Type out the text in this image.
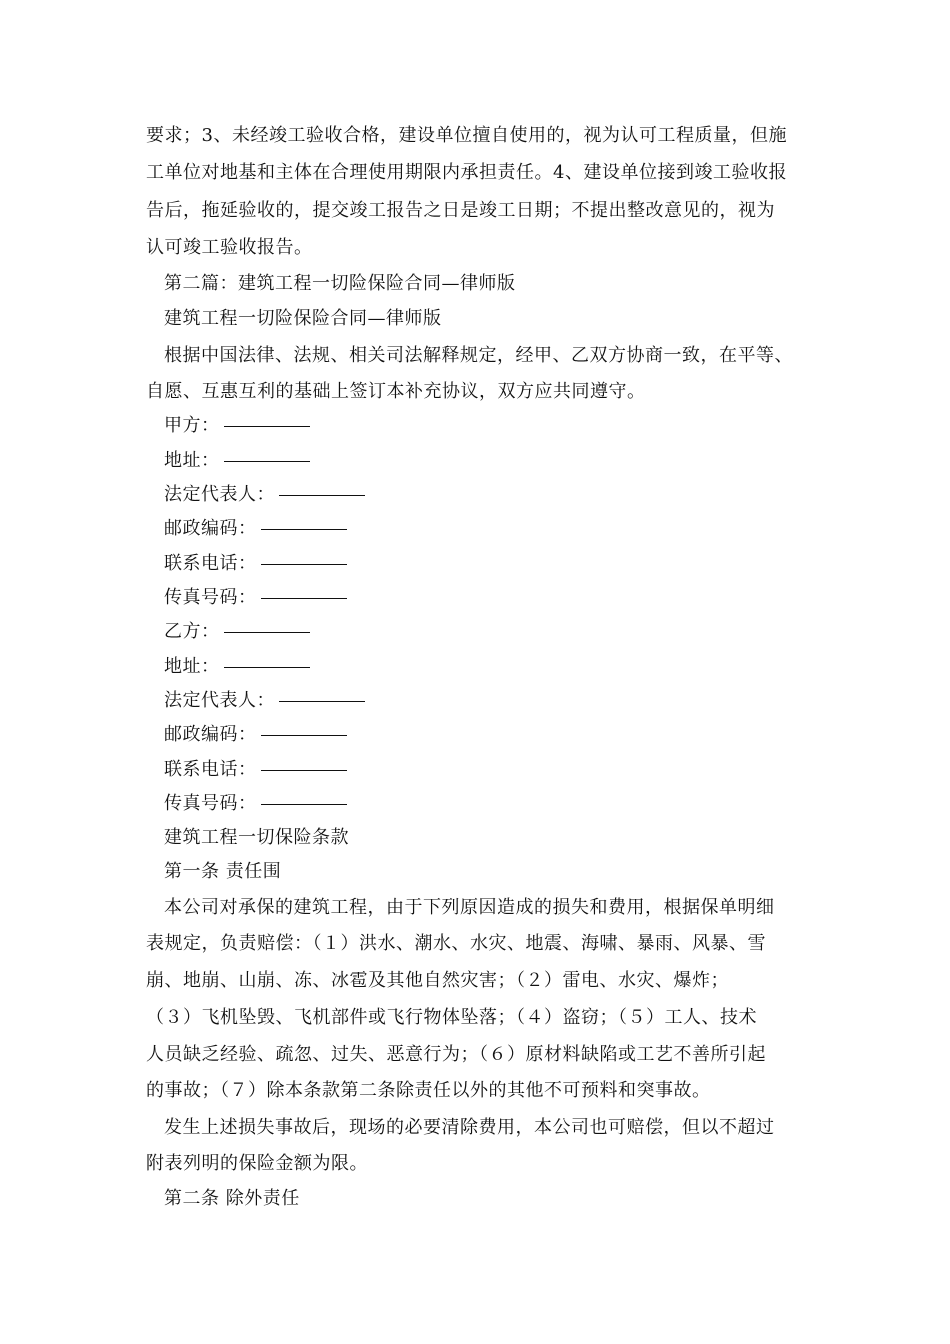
要求；3、未经竣工验收合格，建设单位擅自使用的，视为认可工程质量，但施
工单位对地基和主体在合理使用期限内承担责任。4、建设单位接到竣工验收报
告后，拖延验收的，提交竣工报告之日是竣工日期；不提出整改意见的，视为
认可竣工验收报告。
第二篇：建筑工程一切险保险合同—律师版
建筑工程一切险保险合同—律师版
根据中国法律、法规、相关司法解释规定，经甲、乙双方协商一致，在平等、
自愿、互惠互利的基础上签订本补充协议，双方应共同遵守。
甲方：
地址：
法定代表人：
邮政编码：
联系电话：
传真号码：
乙方：
地址：
法定代表人：
邮政编码：
联系电话：
传真号码：
建筑工程一切保险条款
第一条 责任围
本公司对承保的建筑工程，由于下列原因造成的损失和费用，根据保单明细
表规定，负责赔偿：（１）洪水、潮水、水灾、地震、海啸、暴雨、风暴、雪
崩、地崩、山崩、冻、冰雹及其他自然灾害；（２）雷电、水灾、爆炸；
（３）飞机坠毁、飞机部件或飞行物体坠落；（４）盗窃；（５）工人、技术
人员缺乏经验、疏忽、过失、恶意行为；（６）原材料缺陷或工艺不善所引起
的事故；（７）除本条款第二条除责任以外的其他不可预料和突事故。
发生上述损失事故后，现场的必要清除费用，本公司也可赔偿，但以不超过
附表列明的保险金额为限。
第二条 除外责任
